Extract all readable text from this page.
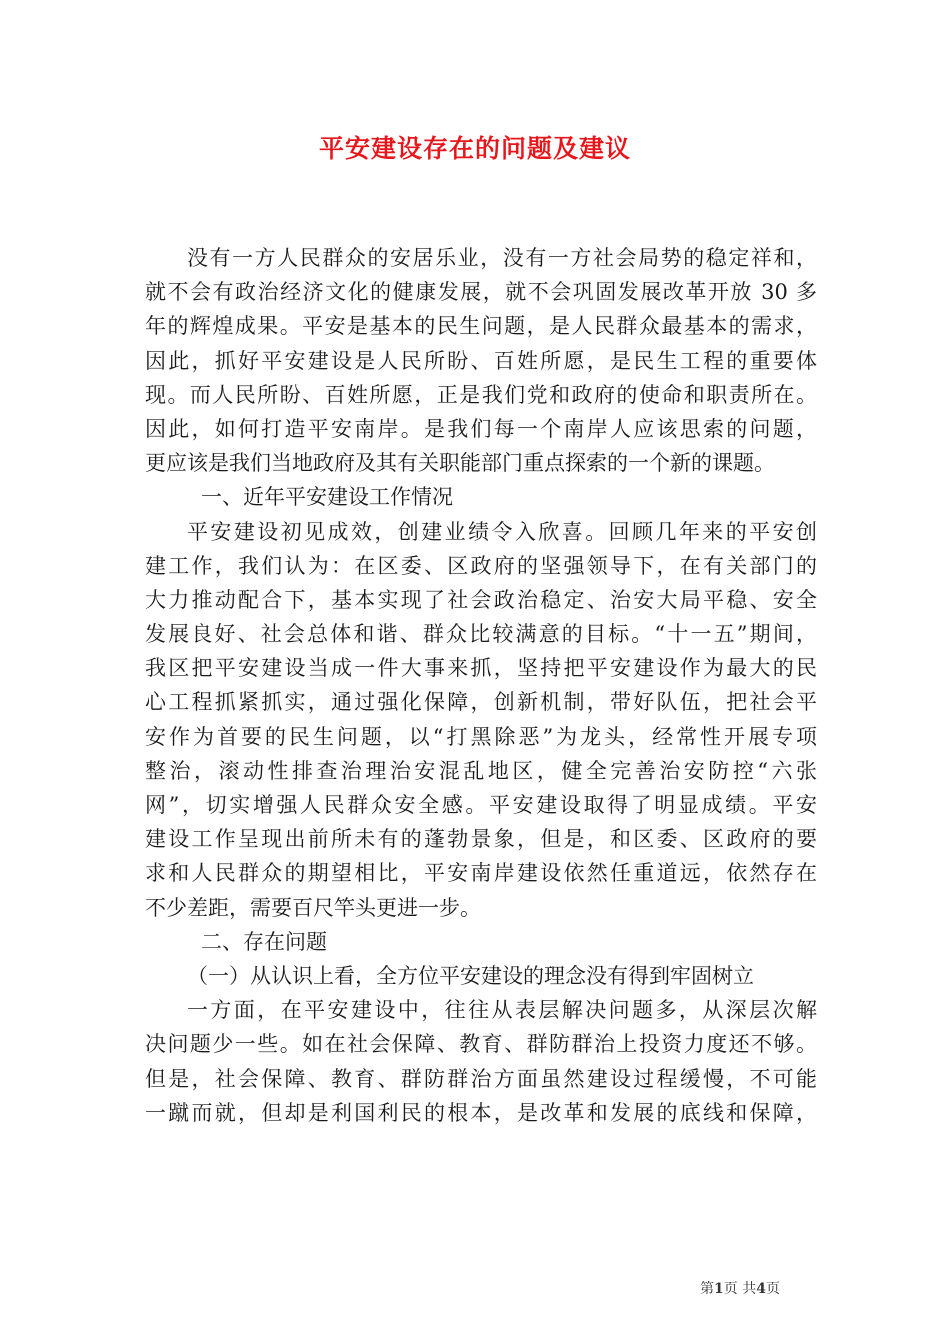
平安建设存在的问题及建议
没有一方人民群众的安居乐业，没有一方社会局势的稳定祥和，
就不会有政治经济文化的健康发展，就不会巩固发展改革开放 30 多
年的辉煌成果。平安是基本的民生问题，是人民群众最基本的需求，
因此，抓好平安建设是人民所盼、百姓所愿，是民生工程的重要体
现。而人民所盼、百姓所愿，正是我们党和政府的使命和职责所在。
因此，如何打造平安南岸。是我们每一个南岸人应该思索的问题，
更应该是我们当地政府及其有关职能部门重点探索的一个新的课题。
一、近年平安建设工作情况
平安建设初见成效，创建业绩令入欣喜。回顾几年来的平安创
建工作，我们认为：在区委、区政府的坚强领导下，在有关部门的
大力推动配合下，基本实现了社会政治稳定、治安大局平稳、安全
发展良好、社会总体和谐、群众比较满意的目标。“十一五”期间，
我区把平安建设当成一件大事来抓，坚持把平安建设作为最大的民
心工程抓紧抓实，通过强化保障，创新机制，带好队伍，把社会平
安作为首要的民生问题，以“打黑除恶”为龙头，经常性开展专项
整治，滚动性排查治理治安混乱地区，健全完善治安防控“六张
网”，切实增强人民群众安全感。平安建设取得了明显成绩。平安
建设工作呈现出前所未有的蓬勃景象，但是，和区委、区政府的要
求和人民群众的期望相比，平安南岸建设依然任重道远，依然存在
不少差距，需要百尺竿头更进一步。
二、存在问题
（一）从认识上看，全方位平安建设的理念没有得到牢固树立
一方面，在平安建设中，往往从表层解决问题多，从深层次解
决问题少一些。如在社会保障、教育、群防群治上投资力度还不够。
但是，社会保障、教育、群防群治方面虽然建设过程缓慢，不可能
一蹴而就，但却是利国利民的根本，是改革和发展的底线和保障，
第1页 共4页
